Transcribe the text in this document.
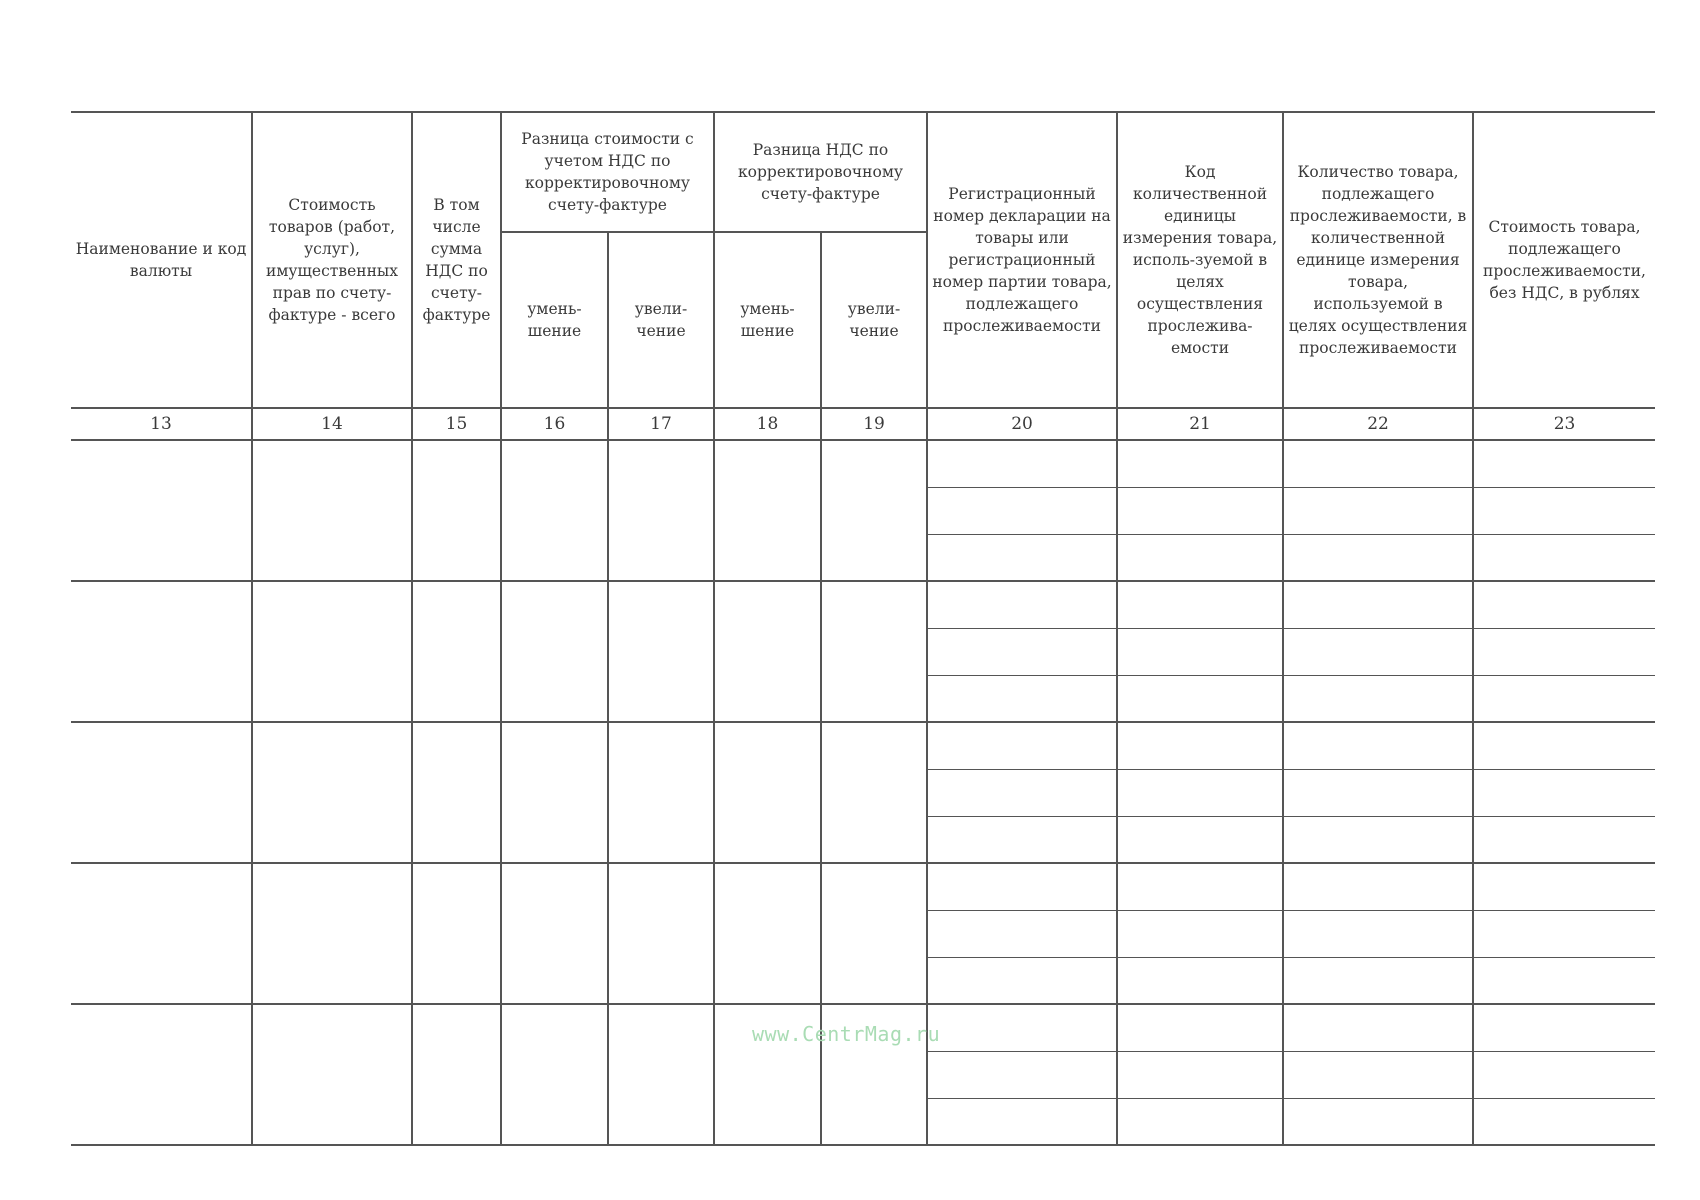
Наименование и код валюты	Стоимость товаров (работ, услуг), имущественных прав по счету-фактуре - всего	В том числе сумма НДС по счету-фактуре	Разница стоимости с учетом НДС по корректировочному счету-фактуре		Разница НДС по корректировочному счету-фактуре		Регистрационный номер декларации на товары или регистрационный номер партии товара, подлежащего прослеживаемости	Код количественной единицы измерения товара, исполь-зуемой в целях осуществления прослежива-емости	Количество товара, подлежащего прослеживаемости, в количественной единице измерения товара, используемой в целях осуществления прослеживаемости	Стоимость товара, подлежащего прослеживаемости, без НДС, в рублях
			умень-шение	увели-чение	умень-шение	увели-чение				
13	14	15	16	17	18	19	20	21	22	23

www.CentrMag.ru
